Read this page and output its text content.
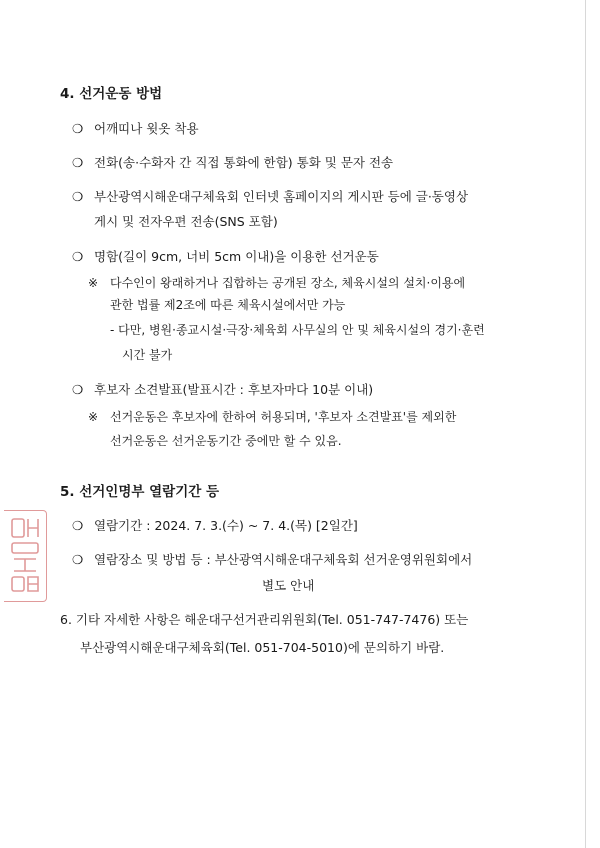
4. 선거운동 방법
❍ 어깨띠나 윗옷 착용
❍ 전화(송·수화자 간 직접 통화에 한함) 통화 및 문자 전송
❍ 부산광역시해운대구체육회 인터넷 홈페이지의 게시판 등에 글·동영상
게시 및 전자우편 전송(SNS 포함)
❍ 명함(길이 9cm, 너비 5cm 이내)을 이용한 선거운동
※ 다수인이 왕래하거나 집합하는 공개된 장소, 체육시설의 설치·이용에
관한 법률 제2조에 따른 체육시설에서만 가능
- 다만, 병원·종교시설·극장·체육회 사무실의 안 및 체육시설의 경기·훈련
시간 불가
❍ 후보자 소견발표(발표시간 : 후보자마다 10분 이내)
※ 선거운동은 후보자에 한하여 허용되며, '후보자 소견발표'를 제외한
선거운동은 선거운동기간 중에만 할 수 있음.
5. 선거인명부 열람기간 등
❍ 열람기간 : 2024. 7. 3.(수) ~ 7. 4.(목) [2일간]
❍ 열람장소 및 방법 등 : 부산광역시해운대구체육회 선거운영위원회에서
별도 안내
6. 기타 자세한 사항은 해운대구선거관리위원회(Tel. 051-747-7476) 또는
부산광역시해운대구체육회(Tel. 051-704-5010)에 문의하기 바람.
